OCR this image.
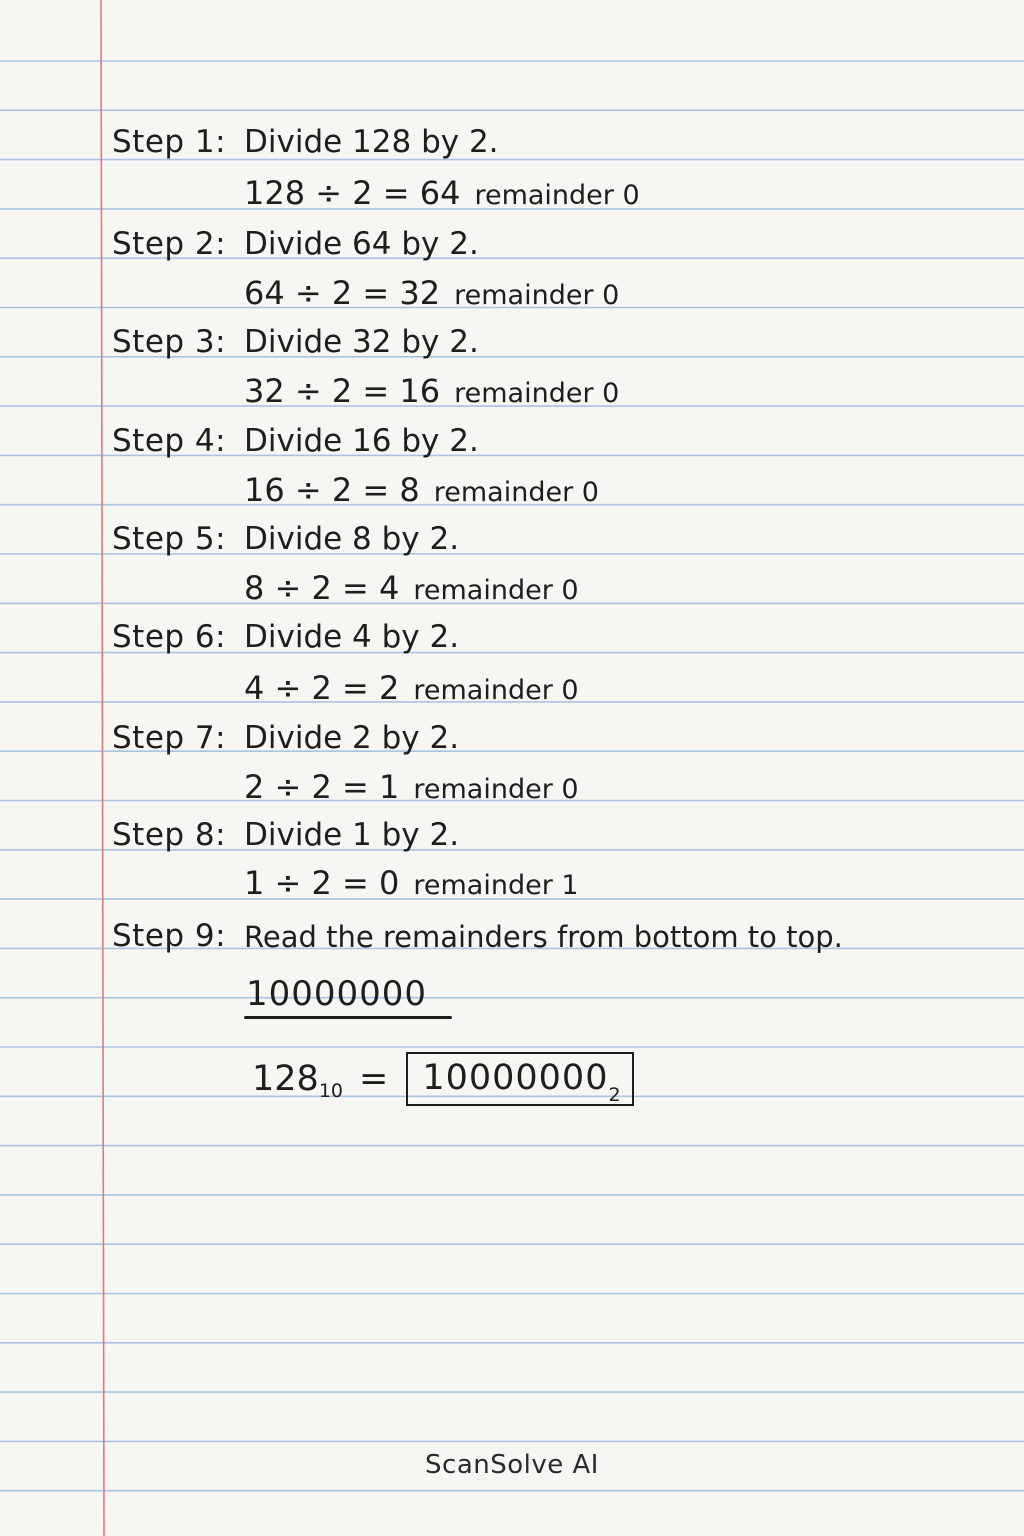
Step 1: Divide 128 by 2.
128 ÷ 2 = 64 remainder 0
Step 2: Divide 64 by 2.
64 ÷ 2 = 32 remainder 0
Step 3: Divide 32 by 2.
32 ÷ 2 = 16 remainder 0
Step 4: Divide 16 by 2.
16 ÷ 2 = 8 remainder 0
Step 5: Divide 8 by 2.
8 ÷ 2 = 4 remainder 0
Step 6: Divide 4 by 2.
4 ÷ 2 = 2 remainder 0
Step 7: Divide 2 by 2.
2 ÷ 2 = 1 remainder 0
Step 8: Divide 1 by 2.
1 ÷ 2 = 0 remainder 1
Step 9: Read the remainders from bottom to top.
10000000
128 $10 = 10000000_2$
ScanSolve AI
